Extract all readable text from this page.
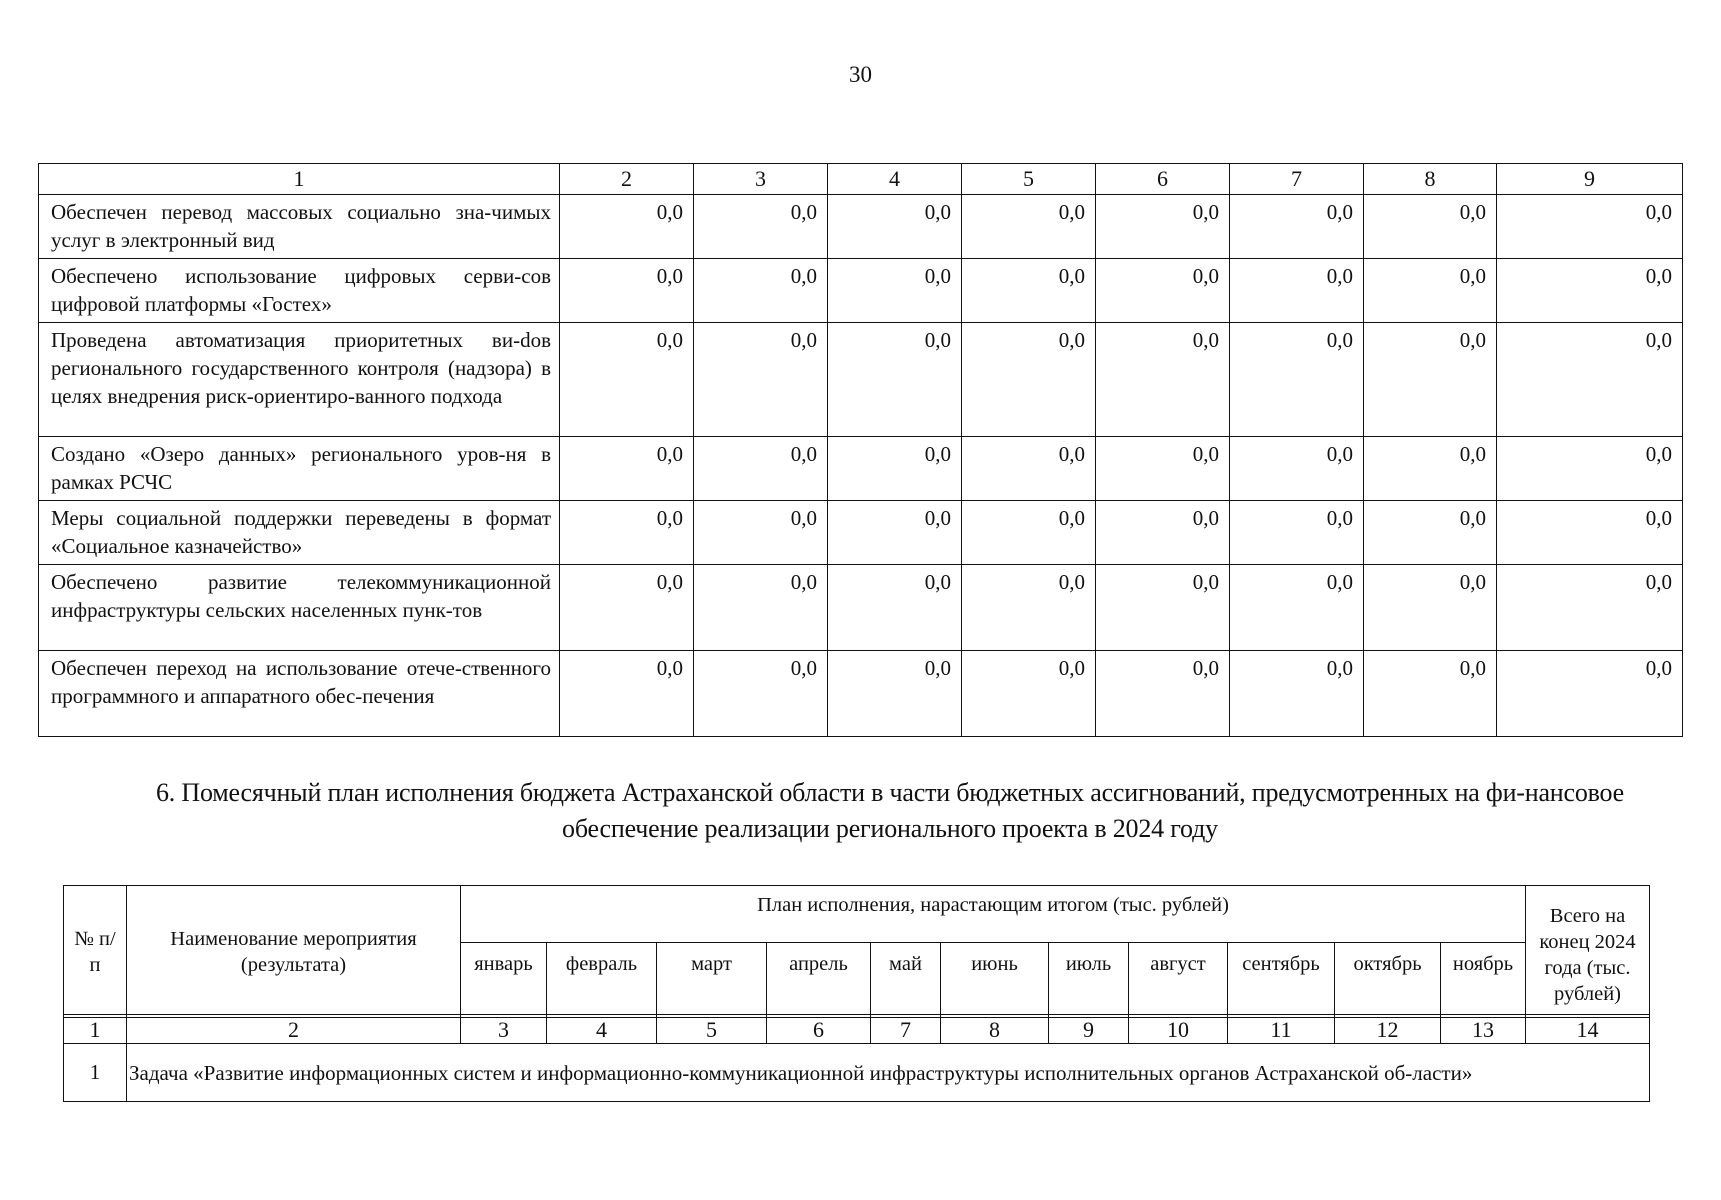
30
1	2	3	4	5	6	7	8	9
Обеспечен перевод массовых социально зна-чимых услуг в электронный вид	0,0	0,0	0,0	0,0	0,0	0,0	0,0	0,0
Обеспечено использование цифровых серви-сов цифровой платформы «Гостех»	0,0	0,0	0,0	0,0	0,0	0,0	0,0	0,0
Проведена автоматизация приоритетных ви-dов регионального государственного контроля (надзора) в целях внедрения риск-ориентиро-ванного подхода	0,0	0,0	0,0	0,0	0,0	0,0	0,0	0,0
Создано «Озеро данных» регионального уров-ня в рамках РСЧС	0,0	0,0	0,0	0,0	0,0	0,0	0,0	0,0
Меры социальной поддержки переведены в формат «Социальное казначейство»	0,0	0,0	0,0	0,0	0,0	0,0	0,0	0,0
Обеспечено развитие телекоммуникационной инфраструктуры сельских населенных пунк-тов	0,0	0,0	0,0	0,0	0,0	0,0	0,0	0,0
Обеспечен переход на использование отече-ственного программного и аппаратного обес-печения	0,0	0,0	0,0	0,0	0,0	0,0	0,0	0,0
6. Помесячный план исполнения бюджета Астраханской области в части бюджетных ассигнований, предусмотренных на фи-нансовое обеспечение реализации регионального проекта в 2024 году
№ п/п	Наименование мероприятия (результата)	План исполнения, нарастающим итогом (тыс. рублей)											Всего на конец 2024 года (тыс. рублей)
		январь	февраль	март	апрель	май	июнь	июль	август	сентябрь	октябрь	ноябрь	
1	2	3	4	5	6	7	8	9	10	11	12	13	14
1	Задача «Развитие информационных систем и информационно-коммуникационной инфраструктуры исполнительных органов Астраханской об-ласти»												
